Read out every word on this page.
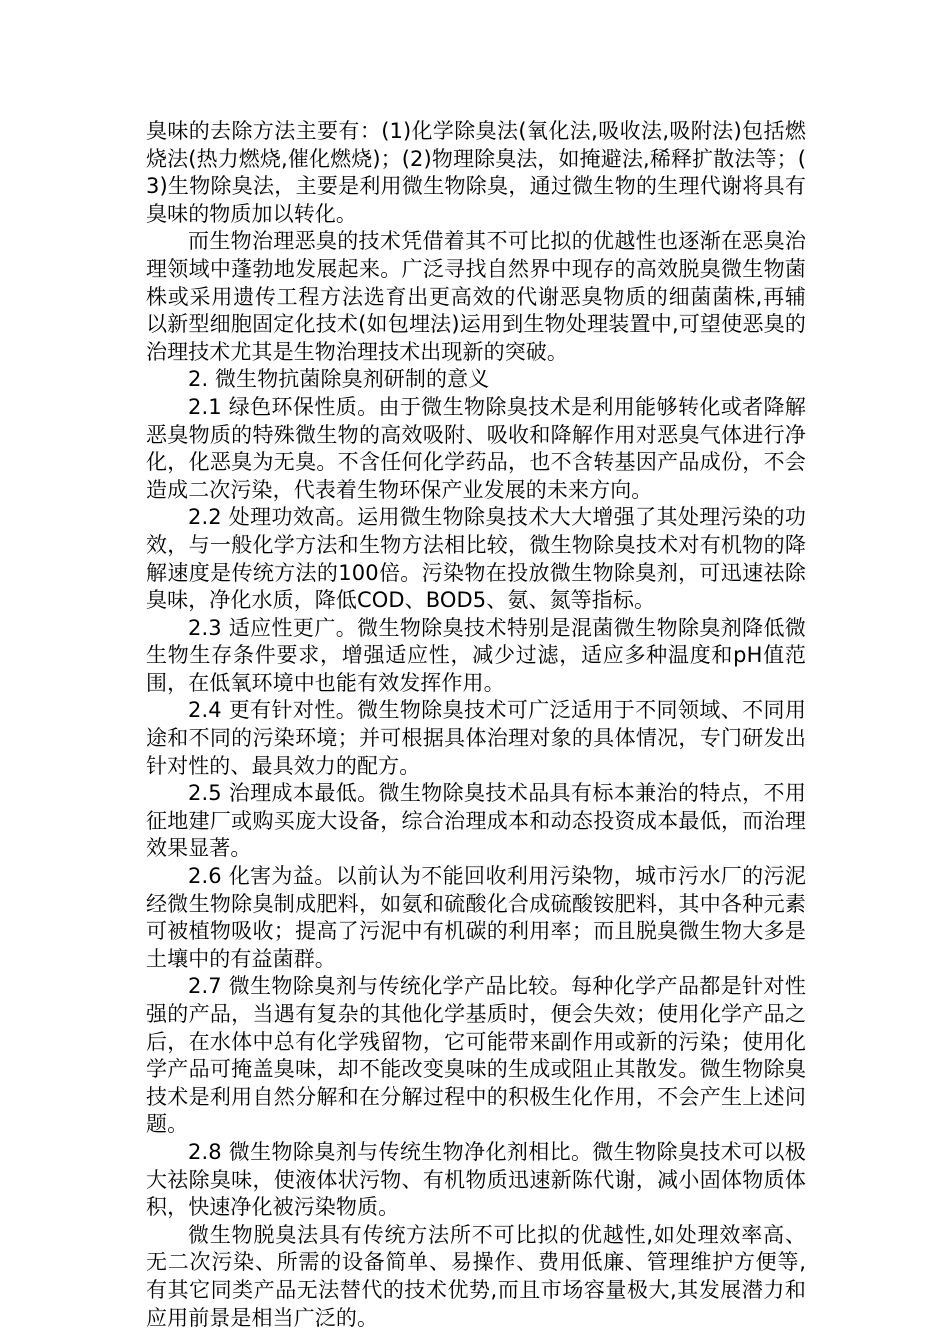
臭味的去除方法主要有：(1)化学除臭法(氧化法,吸收法,吸附法)包括燃烧法(热力燃烧,催化燃烧)；(2)物理除臭法，如掩避法,稀释扩散法等；(3)生物除臭法，主要是利用微生物除臭，通过微生物的生理代谢将具有臭味的物质加以转化。

而生物治理恶臭的技术凭借着其不可比拟的优越性也逐渐在恶臭治理领域中蓬勃地发展起来。广泛寻找自然界中现存的高效脱臭微生物菌株或采用遗传工程方法选育出更高效的代谢恶臭物质的细菌菌株,再辅以新型细胞固定化技术(如包埋法)运用到生物处理装置中,可望使恶臭的治理技术尤其是生物治理技术出现新的突破。

2. 微生物抗菌除臭剂研制的意义

2.1 绿色环保性质。由于微生物除臭技术是利用能够转化或者降解恶臭物质的特殊微生物的高效吸附、吸收和降解作用对恶臭气体进行净化，化恶臭为无臭。不含任何化学药品，也不含转基因产品成份，不会造成二次污染，代表着生物环保产业发展的未来方向。

2.2 处理功效高。运用微生物除臭技术大大增强了其处理污染的功效，与一般化学方法和生物方法相比较，微生物除臭技术对有机物的降解速度是传统方法的100倍。污染物在投放微生物除臭剂，可迅速祛除臭味，净化水质，降低COD、BOD5、氨、氮等指标。

2.3 适应性更广。微生物除臭技术特别是混菌微生物除臭剂降低微生物生存条件要求，增强适应性，减少过滤，适应多种温度和pH值范围，在低氧环境中也能有效发挥作用。

2.4 更有针对性。微生物除臭技术可广泛适用于不同领域、不同用途和不同的污染环境；并可根据具体治理对象的具体情况，专门研发出针对性的、最具效力的配方。

2.5 治理成本最低。微生物除臭技术品具有标本兼治的特点，不用征地建厂或购买庞大设备，综合治理成本和动态投资成本最低，而治理效果显著。

2.6 化害为益。以前认为不能回收利用污染物，城市污水厂的污泥经微生物除臭制成肥料，如氨和硫酸化合成硫酸铵肥料，其中各种元素可被植物吸收；提高了污泥中有机碳的利用率；而且脱臭微生物大多是土壤中的有益菌群。

2.7 微生物除臭剂与传统化学产品比较。每种化学产品都是针对性强的产品，当遇有复杂的其他化学基质时，便会失效；使用化学产品之后，在水体中总有化学残留物，它可能带来副作用或新的污染；使用化学产品可掩盖臭味，却不能改变臭味的生成或阻止其散发。微生物除臭技术是利用自然分解和在分解过程中的积极生化作用，不会产生上述问题。

2.8 微生物除臭剂与传统生物净化剂相比。微生物除臭技术可以极大祛除臭味，使液体状污物、有机物质迅速新陈代谢，减小固体物质体积，快速净化被污染物质。

微生物脱臭法具有传统方法所不可比拟的优越性,如处理效率高、无二次污染、所需的设备简单、易操作、费用低廉、管理维护方便等,有其它同类产品无法替代的技术优势,而且市场容量极大,其发展潜力和应用前景是相当广泛的。
